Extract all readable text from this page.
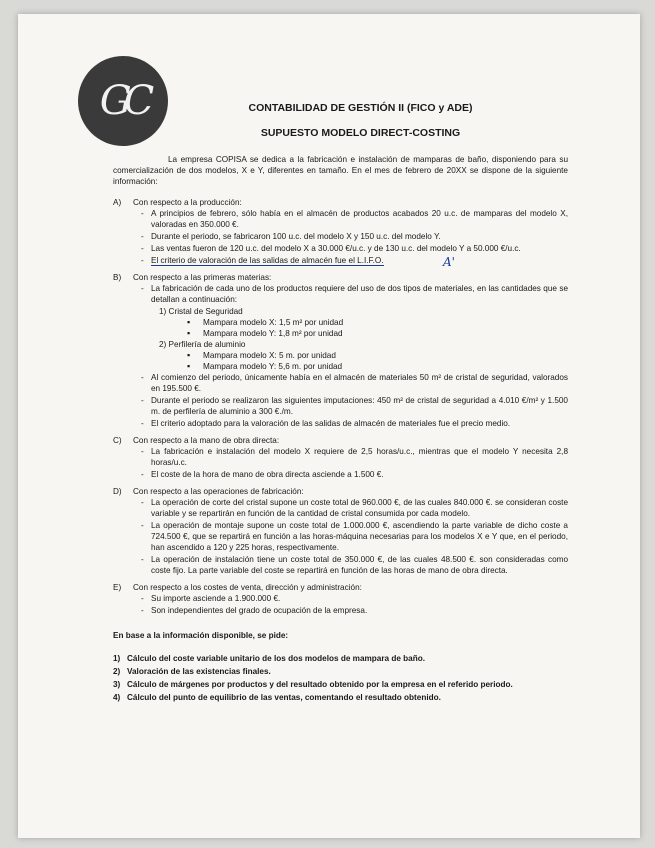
GC	CONTABILIDAD DE GESTIÓN II (FICO y ADE)
SUPUESTO MODELO DIRECT-COSTING

La empresa COPISA se dedica a la fabricación e instalación de mamparas de baño, disponiendo para su comercialización de dos modelos, X e Y, diferentes en tamaño. En el mes de febrero de 20XX se dispone de la siguiente información:

A)	Con respecto a la producción:
- A principios de febrero, sólo había en el almacén de productos acabados 20 u.c. de mamparas del modelo X, valoradas en 350.000 €.
- Durante el periodo, se fabricaron 100 u.c. del modelo X y 150 u.c. del modelo Y.
- Las ventas fueron de 120 u.c. del modelo X a 30.000 €/u.c. y de 130 u.c. del modelo Y a 50.000 €/u.c.
- El criterio de valoración de las salidas de almacén fue el L.I.F.O.	A'
B)	Con respecto a las primeras materias:
- La fabricación de cada uno de los productos requiere del uso de dos tipos de materiales, en las cantidades que se detallan a continuación:
1) Cristal de Seguridad
▪ Mampara modelo X: 1,5 m² por unidad
▪ Mampara modelo Y: 1,8 m² por unidad
2) Perfilería de aluminio
▪ Mampara modelo X: 5 m. por unidad
▪ Mampara modelo Y: 5,6 m. por unidad
- Al comienzo del periodo, únicamente había en el almacén de materiales 50 m² de cristal de seguridad, valorados en 195.500 €.
- Durante el periodo se realizaron las siguientes imputaciones: 450 m² de cristal de seguridad a 4.010 €/m² y 1.500 m. de perfilería de aluminio a 300 €./m.
- El criterio adoptado para la valoración de las salidas de almacén de materiales fue el precio medio.
C)	Con respecto a la mano de obra directa:
- La fabricación e instalación del modelo X requiere de 2,5 horas/u.c., mientras que el modelo Y necesita 2,8 horas/u.c.
- El coste de la hora de mano de obra directa asciende a 1.500 €.
D)	Con respecto a las operaciones de fabricación:
- La operación de corte del cristal supone un coste total de 960.000 €, de las cuales 840.000 €. se consideran coste variable y se repartirán en función de la cantidad de cristal consumida por cada modelo.
- La operación de montaje supone un coste total de 1.000.000 €, ascendiendo la parte variable de dicho coste a 724.500 €, que se repartirá en función a las horas-máquina necesarias para los modelos X e Y que, en el periodo, han ascendido a 120 y 225 horas, respectivamente.
- La operación de instalación tiene un coste total de 350.000 €, de las cuales 48.500 €. son consideradas como coste fijo. La parte variable del coste se repartirá en función de las horas de mano de obra directa.
E)	Con respecto a los costes de venta, dirección y administración:
- Su importe asciende a 1.900.000 €.
- Son independientes del grado de ocupación de la empresa.
En base a la información disponible, se pide:
1) Cálculo del coste variable unitario de los dos modelos de mampara de baño.
2) Valoración de las existencias finales.
3) Cálculo de márgenes por productos y del resultado obtenido por la empresa en el referido periodo.
4) Cálculo del punto de equilibrio de las ventas, comentando el resultado obtenido.
